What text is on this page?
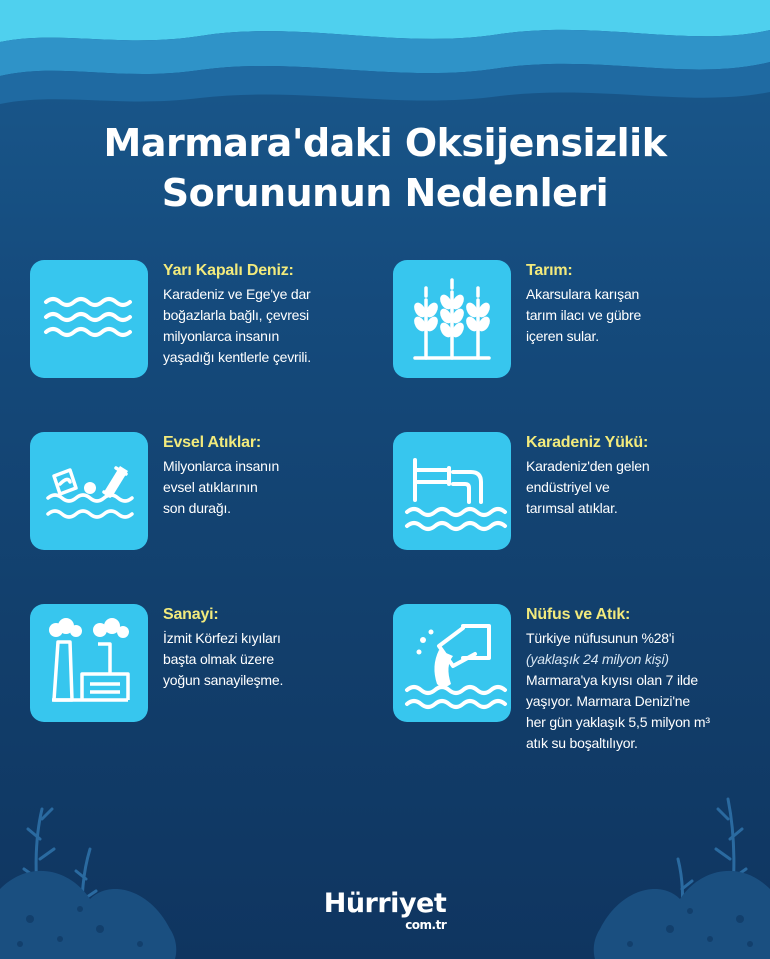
Marmara'daki Oksijensizlik
Sorununun Nedenleri
Yarı Kapalı Deniz:
Karadeniz ve Ege'ye dar
boğazlarla bağlı, çevresi
milyonlarca insanın
yaşadığı kentlerle çevrili.
Tarım:
Akarsulara karışan
tarım ilacı ve gübre
içeren sular.
Evsel Atıklar:
Milyonlarca insanın
evsel atıklarının
son durağı.
Karadeniz Yükü:
Karadeniz'den gelen
endüstriyel ve
tarımsal atıklar.
Sanayi:
İzmit Körfezi kıyıları
başta olmak üzere
yoğun sanayileşme.
Nüfus ve Atık:
Türkiye nüfusunun %28'i
(yaklaşık 24 milyon kişi)
Marmara'ya kıyısı olan 7 ilde
yaşıyor. Marmara Denizi'ne
her gün yaklaşık 5,5 milyon m³
atık su boşaltılıyor.
Hürriyet
com.tr
